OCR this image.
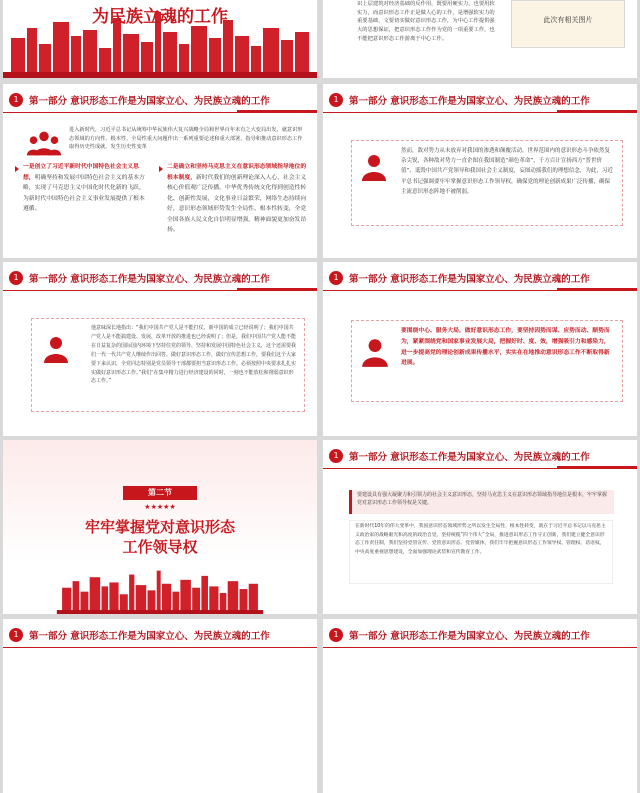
为民族立魂的工作
识上层建筑对经济基础的反作用，既要用硬实力，也要用软实力，而意识形态工作正是做人心的工作，是增强软实力的重要基础，文要切实做好意识形态工作，为中心工作提供强大的思想保证，把意识形态工作作为党的一项重要工作，也不能把意识形态工作游离于中心工作。
此次有相关图片
1	第一部分 意识形态工作是为国家立心、为民族立魂的工作
进入新时代，习近平总书记从统筹中华民族伟大复兴战略全局和世界百年未有之大变局出发，就意识形态领域的方向性、根本性、全局性重大问题作出一系列重要论述和重大部署，指导和推动意识形态工作取得历史性成就、发生历史性变革
一是创立了习近平新时代中国特色社会主义思想，明确坚持和发展中国特色社会主义的基本方略，实现了马克思主义中国化时代化新的飞跃，为新时代中国特色社会主义事业发展提供了根本遵循。
二是确立和坚持马克思主义在意识形态领域指导地位的根本制度，新时代我们的创新理论深入人心，社会主义核心价值观广泛传播，中华优秀传统文化得到创造性转化、创新性发展，文化事业日益繁荣，网络生态持续向好，意识形态领域形势发生全局性、根本性转变，全党全国各族人民文化自信明显增强，精神面貌更加奋发昂扬。
1	第一部分 意识形态工作是为国家立心、为民族立魂的工作
然而，敌对势力从未放弃对我国的渗透和颠覆活动，世界范围内的意识形态斗争依然复杂尖锐，各种敌对势力一直企图在我国制造“颜色革命”，千方百计宣扬西方“普世价值”、诋毁中国共产党领导和我国社会主义制度，妄图动摇我们的理想信念，为此，习近平总书记强调要牢牢掌握意识形态工作领导权，确保党的理论创新成果广泛传播，确保主流意识形态阵地不被削弱。
1	第一部分 意识形态工作是为国家立心、为民族立魂的工作
他意味深长地指出：“我们中国共产党人是不能打仗、新中国的成立已经说明了；我们中国共产党人是不能搞建设、发展，改革开放的推进也已经说明了；但是，我们中国共产党人能不能在日益复杂的国际国内环境下坚持住党的领导、坚持和发展中国特色社会主义，这个还需要我们一代一代共产党人继续作出回答。做好意识形态工作，做好宣传思想工作，要我们这个大家要下来认识，全党同志特别是党员领导干部都要担当意识形态工作。必须按照中央要求扎扎实实做好意识形态工作。”我们“在集中精力进行经济建设的同时，一刻也不能放松和削弱意识形态工作。”
1	第一部分 意识形态工作是为国家立心、为民族立魂的工作
要围绕中心、服务大局，做好意识形态工作，要坚持因势而谋、应势而动、顺势而为，紧紧围绕党和国家事业发展大局，把握好时、度、效，增强吸引力和感染力，进一步提高党的理论创新成果传播水平，实实在在地推动意识形态工作不断取得新进展。
第二节
★★★★★
牢牢掌握党对意识形态
工作领导权
1	第一部分 意识形态工作是为国家立心、为民族立魂的工作
要建设具有强大凝聚力和引领力的社会主义意识形态，坚持马克思主义在意识形态领域指导地位是根本，牢牢掌握党对意识形态工作领导权是关键。
在新时代10年的伟大变革中，我国意识形态领域形势之所以发生全局性、根本性转变，就在于习近平总书记以马克思主义政治家的战略眼光和高度的政治自觉，坚持统揽“四个伟大”全局，推进意识形态工作守正创新，我们建立健全意识形态工作责任制，我们坚持党管宣传、党管意识形态、党管媒体，我们牢牢把握意识形态工作领导权、管理权、话语权，中央高度重视思想建设，全面加强理论武装和宣传教育工作。
1	第一部分 意识形态工作是为国家立心、为民族立魂的工作	1	第一部分 意识形态工作是为国家立心、为民族立魂的工作
